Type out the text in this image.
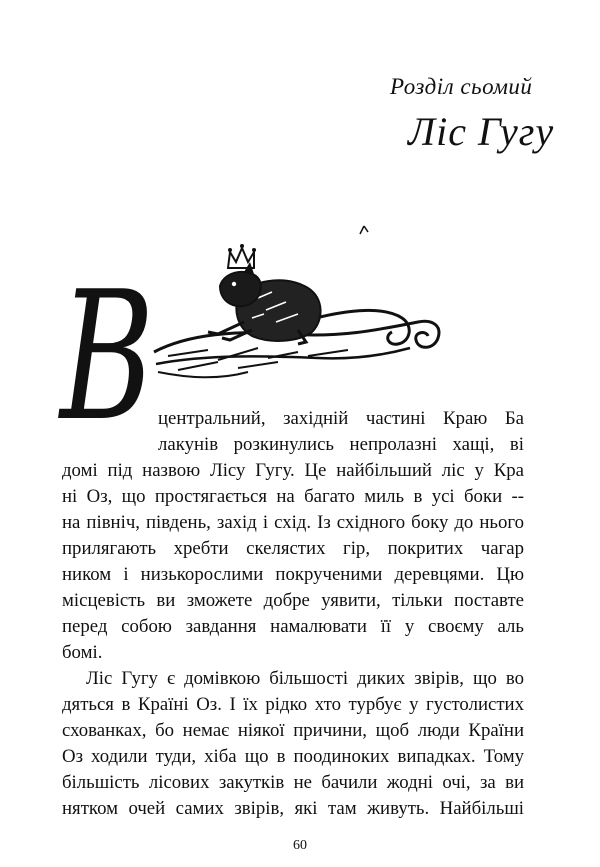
Розділ сьомий
Ліс Гугу
В центральний, західній частині Краю Ба
лакунів розкинулись непролазні хащі, ві
домі під назвою Лісу Гугу. Це найбільший ліс у Кра
ні Оз, що простягається на багато миль в усі боки --
на північ, південь, захід і схід. Із східного боку до нього
прилягають хребти скелястих гір, покритих чагар
ником і низькорослими покрученими деревцями. Цю
місцевість ви зможете добре уявити, тільки поставте
перед собою завдання намалювати її у своєму аль
бомі.
Ліс Гугу є домівкою більшості диких звірів, що во
дяться в Країні Оз. І їх рідко хто турбує у густолистих
схованках, бо немає ніякої причини, щоб люди Країни
Оз ходили туди, хіба що в поодиноких випадках. Тому
більшість лісових закутків не бачили жодні очі, за ви
нятком очей самих звірів, які там живуть. Найбільші
60
